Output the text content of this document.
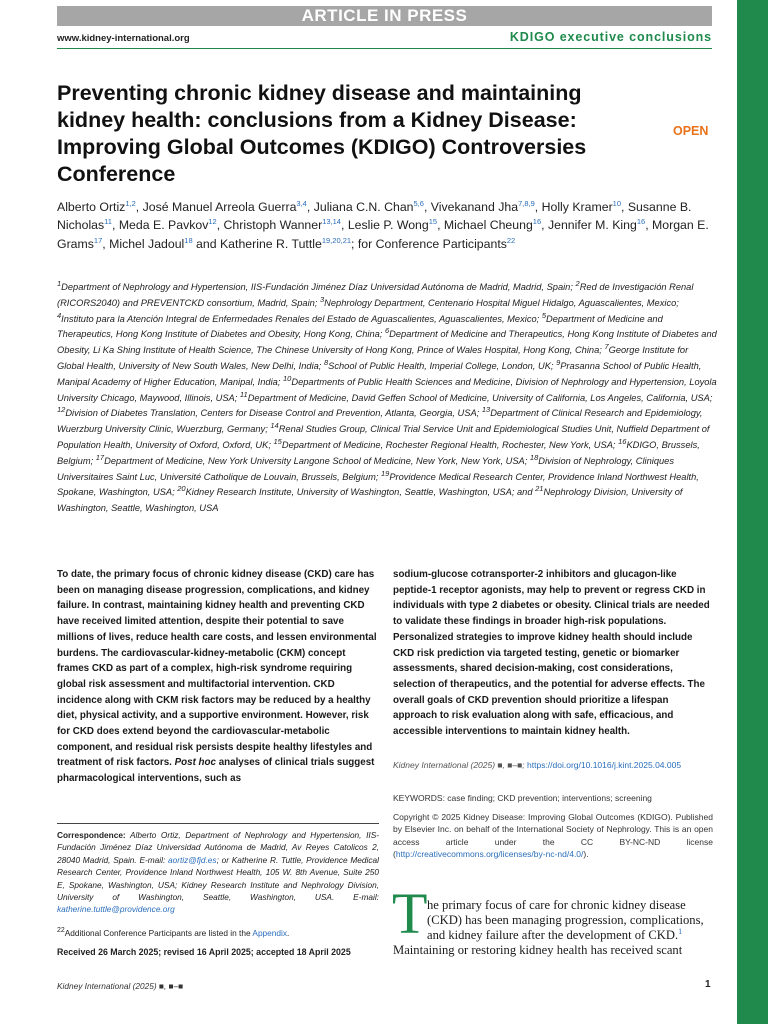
ARTICLE IN PRESS
www.kidney-international.org	KDIGO executive conclusions
Preventing chronic kidney disease and maintaining kidney health: conclusions from a Kidney Disease: Improving Global Outcomes (KDIGO) Controversies Conference
OPEN
Alberto Ortiz$^{1,2}$, José Manuel Arreola Guerra$^{3,4}$, Juliana C.N. Chan$^{5,6}$, Vivekanand Jha$^{7,8,9}$, Holly Kramer$^{10}$, Susanne B. Nicholas$^{11}$, Meda E. Pavkov$^{12}$, Christoph Wanner$^{13,14}$, Leslie P. Wong$^{15}$, Michael Cheung$^{16}$, Jennifer M. King$^{16}$, Morgan E. Grams$^{17}$, Michel Jadoul$^{18}$ and Katherine R. Tuttle$^{19,20,21}$; for Conference Participants$^{22}$
$^1$Department of Nephrology and Hypertension, IIS-Fundación Jiménez Díaz Universidad Autónoma de Madrid, Madrid, Spain; $^2$Red de Investigación Renal (RICORS2040) and PREVENTCKD consortium, Madrid, Spain; $^3$Nephrology Department, Centenario Hospital Miguel Hidalgo, Aguascalientes, Mexico; $^4$Instituto para la Atención Integral de Enfermedades Renales del Estado de Aguascalientes, Aguascalientes, Mexico; $^5$Department of Medicine and Therapeutics, Hong Kong Institute of Diabetes and Obesity, Hong Kong, China; $^6$Department of Medicine and Therapeutics, Hong Kong Institute of Diabetes and Obesity, Li Ka Shing Institute of Health Science, The Chinese University of Hong Kong, Prince of Wales Hospital, Hong Kong, China; $^7$George Institute for Global Health, University of New South Wales, New Delhi, India; $^8$School of Public Health, Imperial College, London, UK; $^9$Prasanna School of Public Health, Manipal Academy of Higher Education, Manipal, India; $^{10}$Departments of Public Health Sciences and Medicine, Division of Nephrology and Hypertension, Loyola University Chicago, Maywood, Illinois, USA; $^{11}$Department of Medicine, David Geffen School of Medicine, University of California, Los Angeles, California, USA; $^{12}$Division of Diabetes Translation, Centers for Disease Control and Prevention, Atlanta, Georgia, USA; $^{13}$Department of Clinical Research and Epidemiology, Wuerzburg University Clinic, Wuerzburg, Germany; $^{14}$Renal Studies Group, Clinical Trial Service Unit and Epidemiological Studies Unit, Nuffield Department of Population Health, University of Oxford, Oxford, UK; $^{15}$Department of Medicine, Rochester Regional Health, Rochester, New York, USA; $^{16}$KDIGO, Brussels, Belgium; $^{17}$Department of Medicine, New York University Langone School of Medicine, New York, New York, USA; $^{18}$Division of Nephrology, Cliniques Universitaires Saint Luc, Université Catholique de Louvain, Brussels, Belgium; $^{19}$Providence Medical Research Center, Providence Inland Northwest Health, Spokane, Washington, USA; $^{20}$Kidney Research Institute, University of Washington, Seattle, Washington, USA; and $^{21}$Nephrology Division, University of Washington, Seattle, Washington, USA
To date, the primary focus of chronic kidney disease (CKD) care has been on managing disease progression, complications, and kidney failure. In contrast, maintaining kidney health and preventing CKD have received limited attention, despite their potential to save millions of lives, reduce health care costs, and lessen environmental burdens. The cardiovascular-kidney-metabolic (CKM) concept frames CKD as part of a complex, high-risk syndrome requiring global risk assessment and multifactorial intervention. CKD incidence along with CKM risk factors may be reduced by a healthy diet, physical activity, and a supportive environment. However, risk for CKD does extend beyond the cardiovascular-metabolic component, and residual risk persists despite healthy lifestyles and treatment of risk factors. Post hoc analyses of clinical trials suggest pharmacological interventions, such as
sodium-glucose cotransporter-2 inhibitors and glucagon-like peptide-1 receptor agonists, may help to prevent or regress CKD in individuals with type 2 diabetes or obesity. Clinical trials are needed to validate these findings in broader high-risk populations. Personalized strategies to improve kidney health should include CKD risk prediction via targeted testing, genetic or biomarker assessments, shared decision-making, cost considerations, selection of therapeutics, and the potential for adverse effects. The overall goals of CKD prevention should prioritize a lifespan approach to risk evaluation along with safe, efficacious, and accessible interventions to maintain kidney health.
Kidney International (2025) ■, ■–■; https://doi.org/10.1016/j.kint.2025.04.005
KEYWORDS: case finding; CKD prevention; interventions; screening
Copyright © 2025 Kidney Disease: Improving Global Outcomes (KDIGO). Published by Elsevier Inc. on behalf of the International Society of Nephrology. This is an open access article under the CC BY-NC-ND license (http://creativecommons.org/licenses/by-nc-nd/4.0/).
Correspondence: Alberto Ortiz, Department of Nephrology and Hypertension, IIS-Fundación Jiménez Díaz Universidad Autónoma de Madrid, Av Reyes Catolicos 2, 28040 Madrid, Spain. E-mail: aortiz@fjd.es; or Katherine R. Tuttle, Providence Medical Research Center, Providence Inland Northwest Health, 105 W. 8th Avenue, Suite 250 E, Spokane, Washington, USA; Kidney Research Institute and Nephrology Division, University of Washington, Seattle, Washington, USA. E-mail: katherine.tuttle@providence.org
$^{22}$Additional Conference Participants are listed in the Appendix.
Received 26 March 2025; revised 16 April 2025; accepted 18 April 2025
T he primary focus of care for chronic kidney disease
(CKD) has been managing progression, complications,
and kidney failure after the development of CKD.$^1$
Maintaining or restoring kidney health has received scant
Kidney International (2025) ■, ■–■	1
